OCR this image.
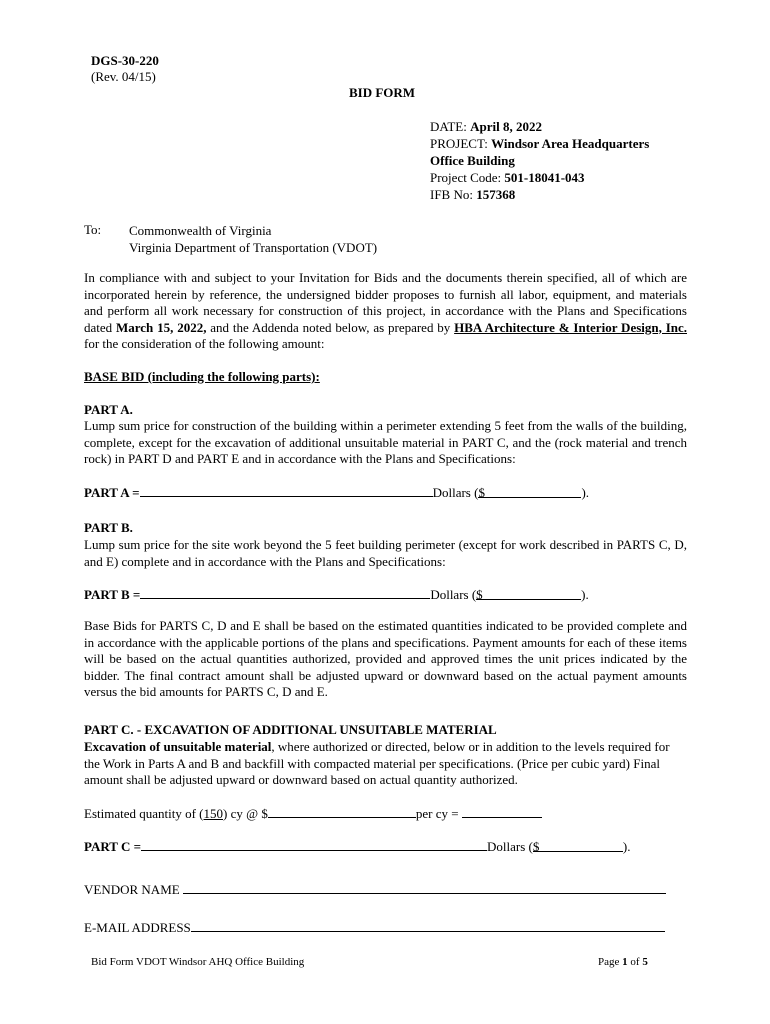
DGS-30-220
(Rev. 04/15)
BID FORM
DATE: April 8, 2022
PROJECT: Windsor Area Headquarters
Office Building
Project Code: 501-18041-043
IFB No: 157368
To: Commonwealth of Virginia
Virginia Department of Transportation (VDOT)
In compliance with and subject to your Invitation for Bids and the documents therein specified, all of which are incorporated herein by reference, the undersigned bidder proposes to furnish all labor, equipment, and materials and perform all work necessary for construction of this project, in accordance with the Plans and Specifications dated March 15, 2022, and the Addenda noted below, as prepared by HBA Architecture & Interior Design, Inc. for the consideration of the following amount:
BASE BID (including the following parts):
PART A.
Lump sum price for construction of the building within a perimeter extending 5 feet from the walls of the building, complete, except for the excavation of additional unsuitable material in PART C, and the (rock material and trench rock) in PART D and PART E and in accordance with the Plans and Specifications:
PART A =	Dollars ($	).
PART B.
Lump sum price for the site work beyond the 5 feet building perimeter (except for work described in PARTS C, D, and E) complete and in accordance with the Plans and Specifications:
PART B =	Dollars ($	).
Base Bids for PARTS C, D and E shall be based on the estimated quantities indicated to be provided complete and in accordance with the applicable portions of the plans and specifications. Payment amounts for each of these items will be based on the actual quantities authorized, provided and approved times the unit prices indicated by the bidder. The final contract amount shall be adjusted upward or downward based on the actual payment amounts versus the bid amounts for PARTS C, D and E.
PART C. - EXCAVATION OF ADDITIONAL UNSUITABLE MATERIAL
Excavation of unsuitable material, where authorized or directed, below or in addition to the levels required for the Work in Parts A and B and backfill with compacted material per specifications. (Price per cubic yard) Final amount shall be adjusted upward or downward based on actual quantity authorized.
Estimated quantity of (150) cy @ $	per cy =
PART C =	Dollars ($	).
VENDOR NAME
E-MAIL ADDRESS
Bid Form VDOT Windsor AHQ Office Building	Page 1 of 5
